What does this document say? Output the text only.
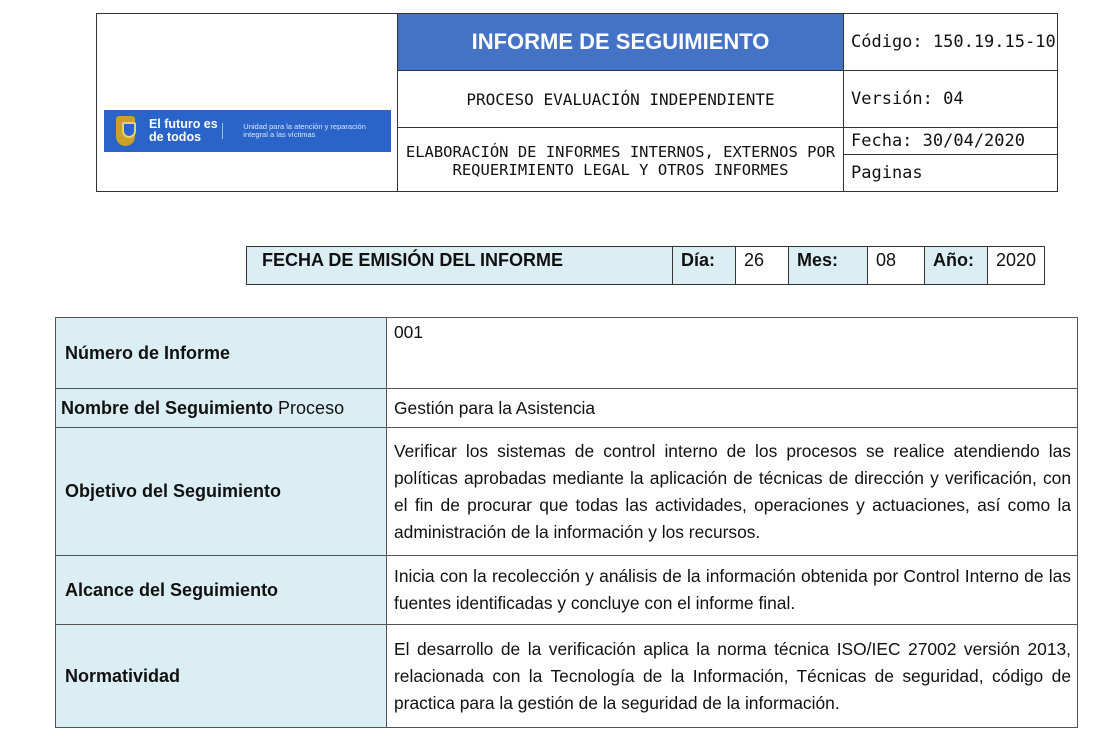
El futuro es de todos
Unidad para la atención y reparación integral a las víctimas	INFORME DE SEGUIMIENTO	Código: 150.19.15-10
	PROCESO EVALUACIÓN INDEPENDIENTE	Versión: 04
	ELABORACIÓN DE INFORMES INTERNOS, EXTERNOS POR REQUERIMIENTO LEGAL Y OTROS INFORMES	Fecha: 30/04/2020
		Paginas
FECHA DE EMISIÓN DEL INFORME	Día:	26	Mes:	08	Año:	2020
Número de Informe	001
Nombre del Seguimiento Proceso	Gestión para la Asistencia
Objetivo del Seguimiento	Verificar los sistemas de control interno de los procesos se realice atendiendo las políticas aprobadas mediante la aplicación de técnicas de dirección y verificación, con el fin de procurar que todas las actividades, operaciones y actuaciones, así como la administración de la información y los recursos.
Alcance del Seguimiento	Inicia con la recolección y análisis de la información obtenida por Control Interno de las fuentes identificadas y concluye con el informe final.
Normatividad	El desarrollo de la verificación aplica la norma técnica ISO/IEC 27002 versión 2013, relacionada con la Tecnología de la Información, Técnicas de seguridad, código de practica para la gestión de la seguridad de la información.
